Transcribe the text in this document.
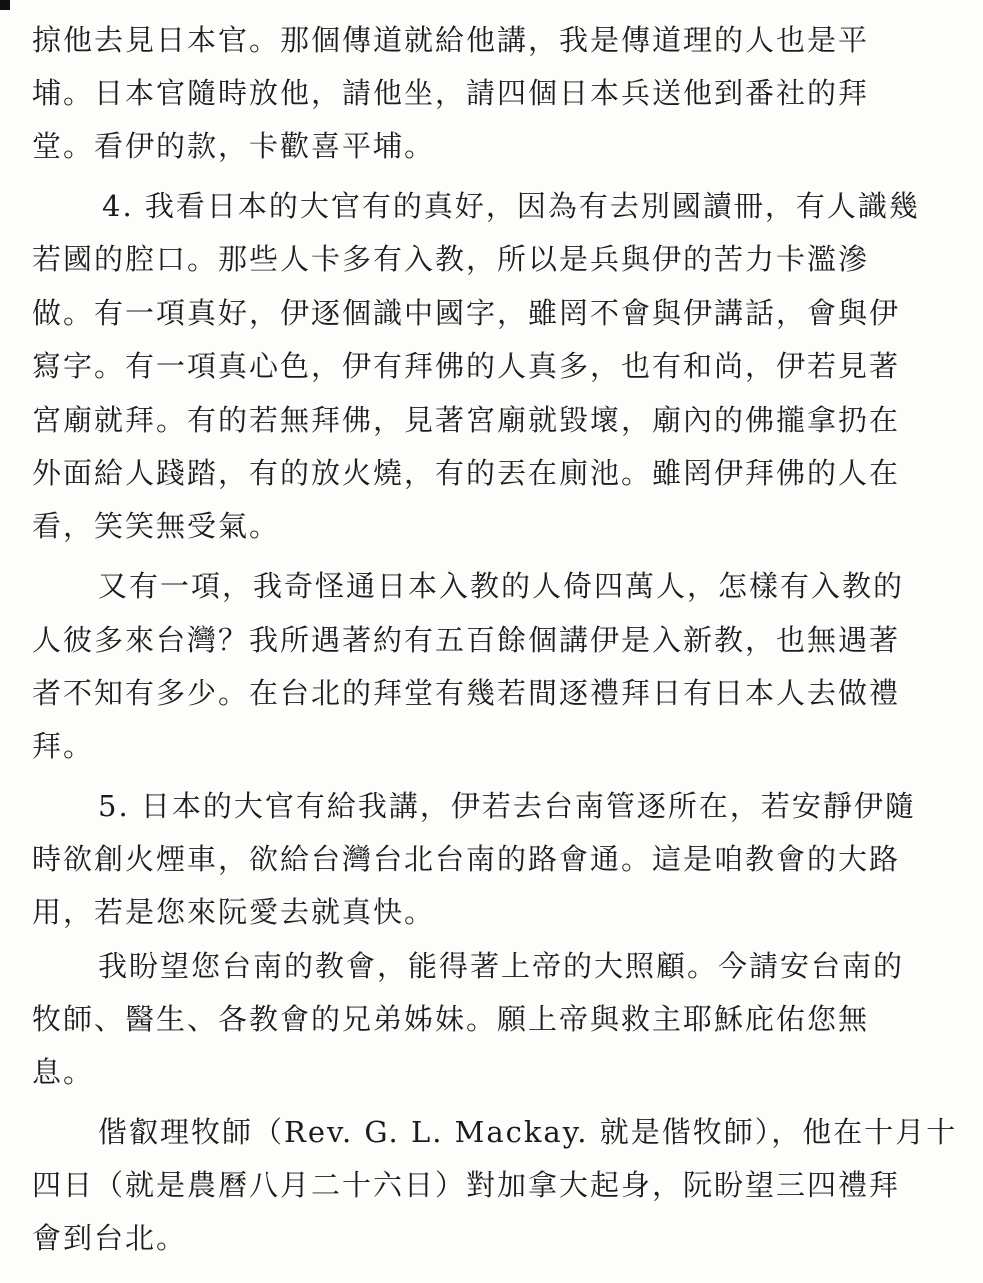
掠他去見日本官。那個傳道就給他講，我是傳道理的人也是平
埔。日本官隨時放他，請他坐，請四個日本兵送他到番社的拜
堂。看伊的款，卡歡喜平埔。
4. 我看日本的大官有的真好，因為有去別國讀冊，有人識幾
若國的腔口。那些人卡多有入教，所以是兵與伊的苦力卡濫滲
做。有一項真好，伊逐個識中國字，雖罔不會與伊講話，會與伊
寫字。有一項真心色，伊有拜佛的人真多，也有和尚，伊若見著
宮廟就拜。有的若無拜佛，見著宮廟就毀壞，廟內的佛攏拿扔在
外面給人踐踏，有的放火燒，有的丟在廁池。雖罔伊拜佛的人在
看，笑笑無受氣。
又有一項，我奇怪通日本入教的人倚四萬人，怎樣有入教的
人彼多來台灣？我所遇著約有五百餘個講伊是入新教，也無遇著
者不知有多少。在台北的拜堂有幾若間逐禮拜日有日本人去做禮
拜。
5. 日本的大官有給我講，伊若去台南管逐所在，若安靜伊隨
時欲創火煙車，欲給台灣台北台南的路會通。這是咱教會的大路
用，若是您來阮愛去就真快。
我盼望您台南的教會，能得著上帝的大照顧。今請安台南的
牧師、醫生、各教會的兄弟姊妹。願上帝與救主耶穌庇佑您無
息。
偕叡理牧師（Rev. G. L. Mackay. 就是偕牧師），他在十月十
四日（就是農曆八月二十六日）對加拿大起身，阮盼望三四禮拜
會到台北。
